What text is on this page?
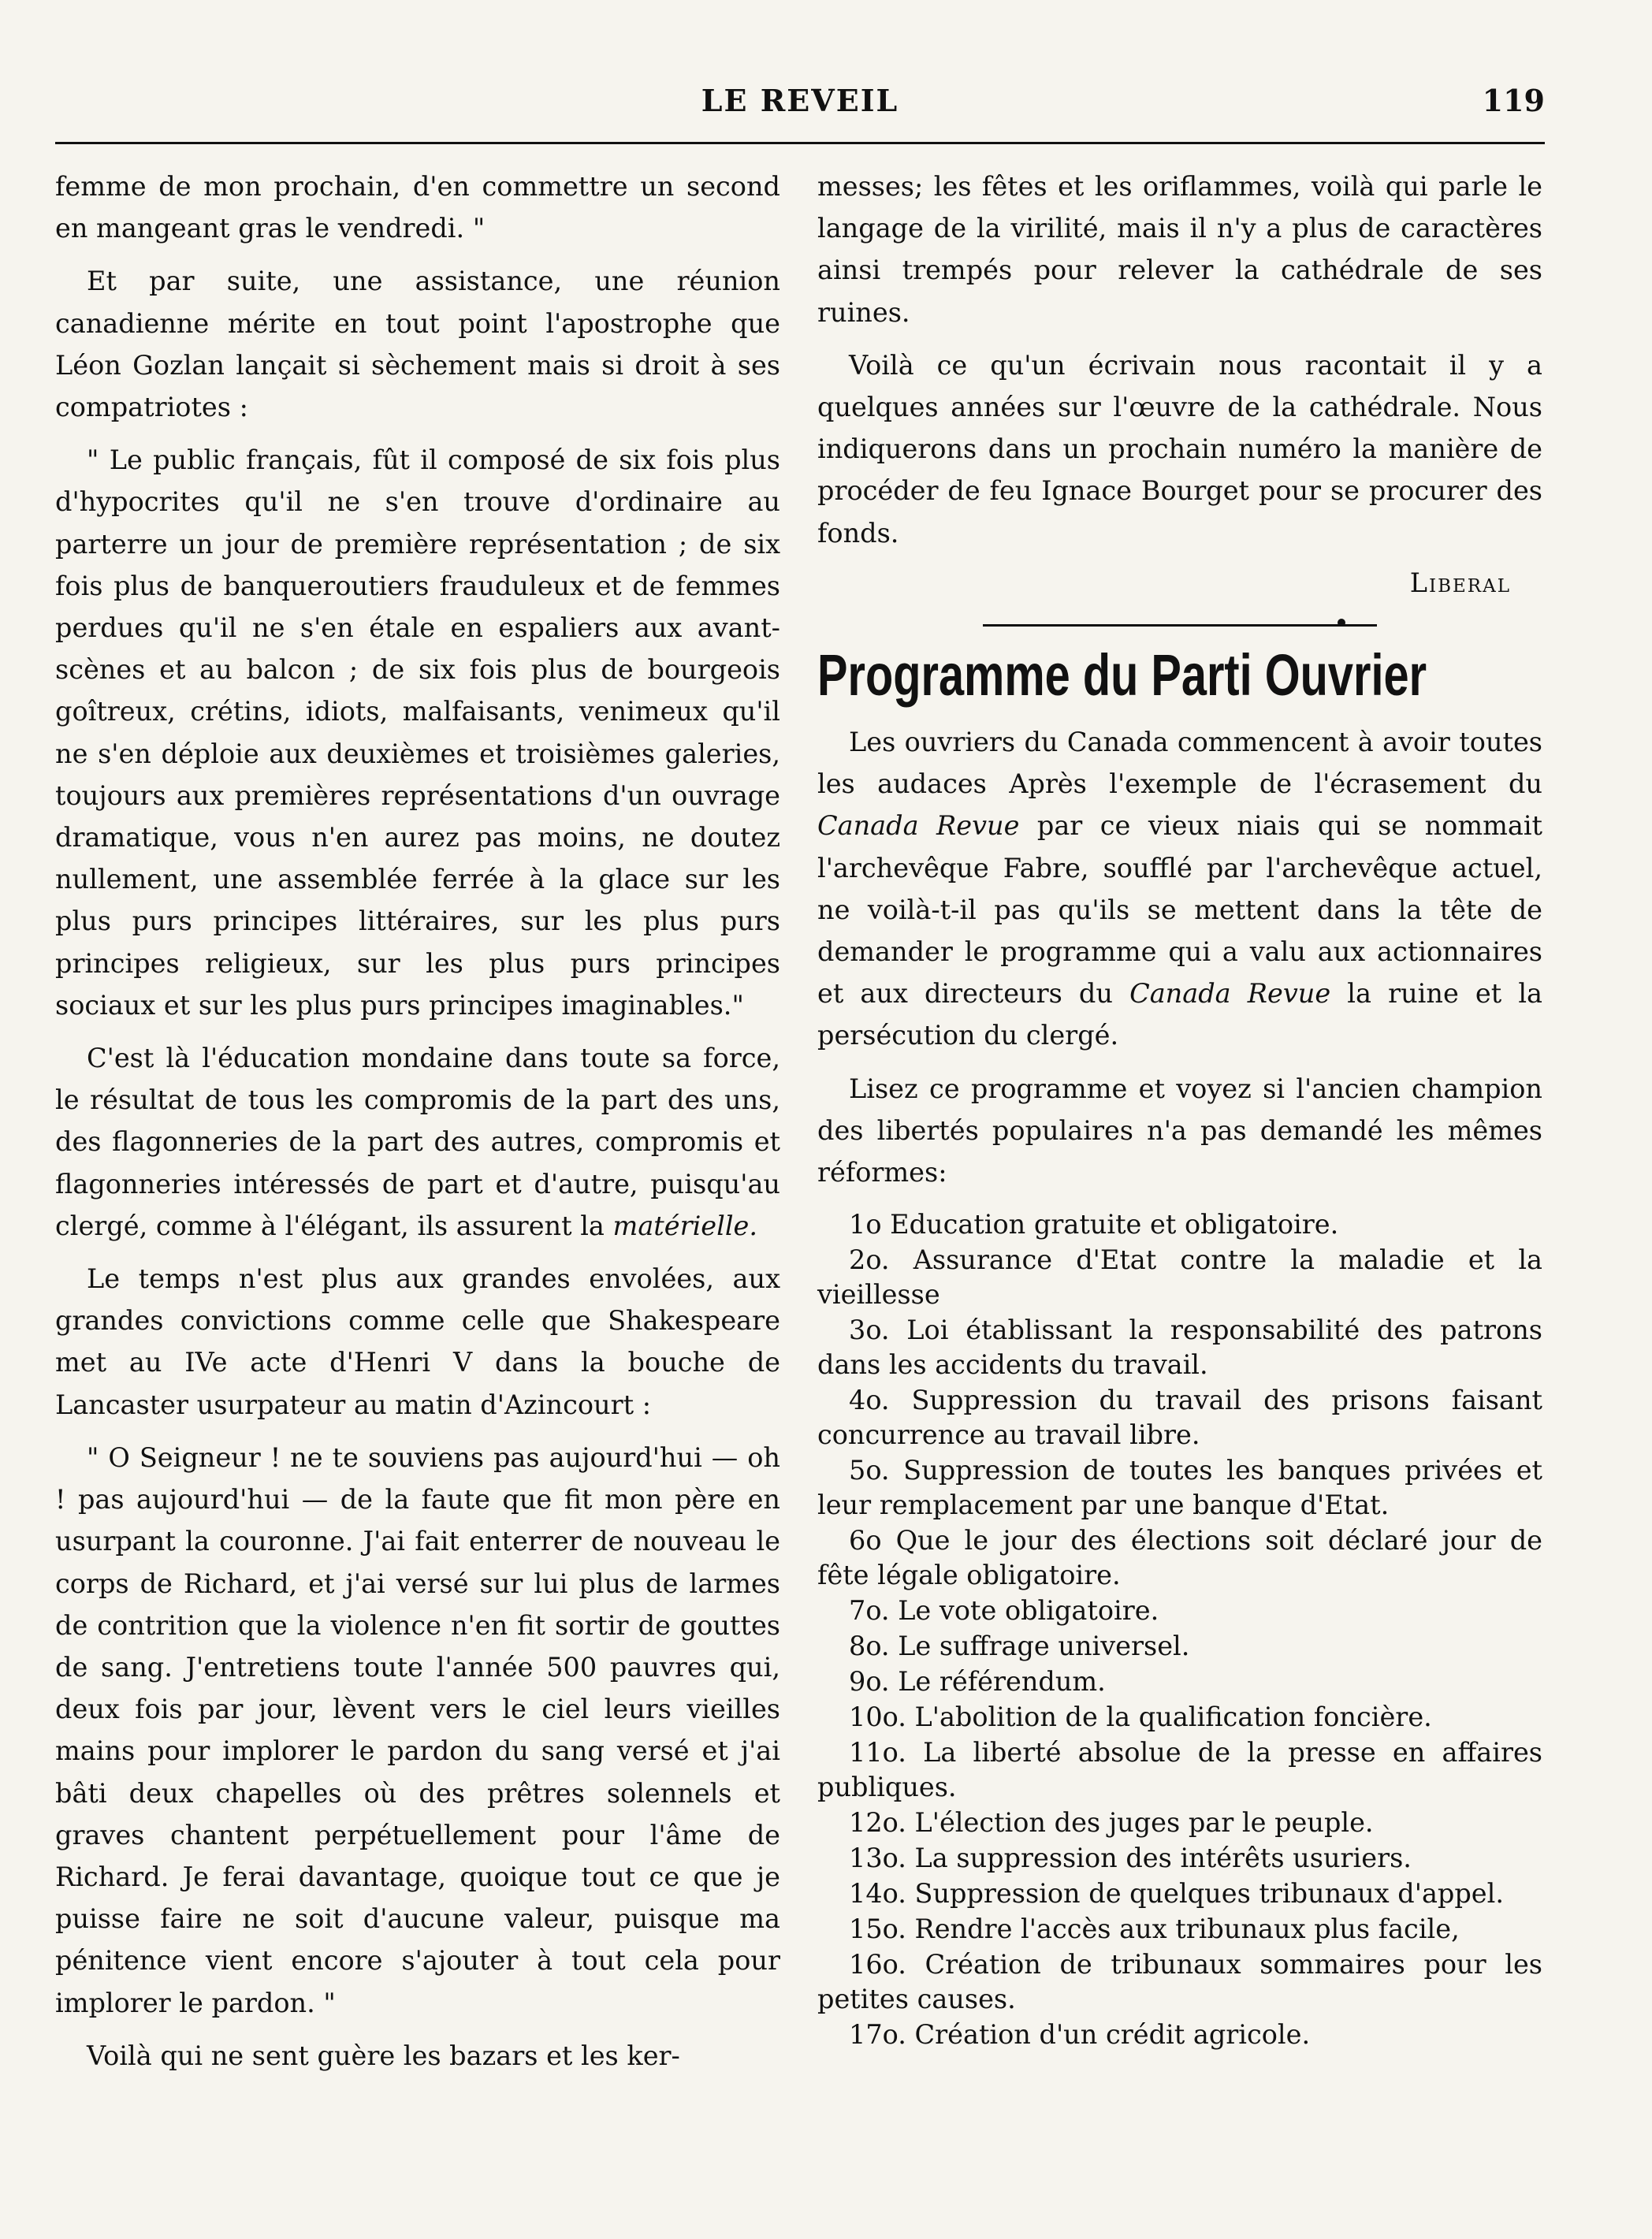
LE REVEIL	119

femme de mon prochain, d'en commettre un second en mangeant gras le vendredi. "

Et par suite, une assistance, une réunion canadienne mérite en tout point l'apostrophe que Léon Gozlan lançait si sèchement mais si droit à ses compatriotes :

" Le public français, fût il composé de six fois plus d'hypocrites qu'il ne s'en trouve d'ordinaire au parterre un jour de première représentation ; de six fois plus de banqueroutiers frauduleux et de femmes perdues qu'il ne s'en étale en espaliers aux avant-scènes et au balcon ; de six fois plus de bourgeois goîtreux, crétins, idiots, malfaisants, venimeux qu'il ne s'en déploie aux deuxièmes et troisièmes galeries, toujours aux premières représentations d'un ouvrage dramatique, vous n'en aurez pas moins, ne doutez nullement, une assemblée ferrée à la glace sur les plus purs principes littéraires, sur les plus purs principes religieux, sur les plus purs principes sociaux et sur les plus purs principes imaginables."

C'est là l'éducation mondaine dans toute sa force, le résultat de tous les compromis de la part des uns, des flagonneries de la part des autres, compromis et flagonneries intéressés de part et d'autre, puisqu'au clergé, comme à l'élégant, ils assurent la matérielle.

Le temps n'est plus aux grandes envolées, aux grandes convictions comme celle que Shakespeare met au IVe acte d'Henri V dans la bouche de Lancaster usurpateur au matin d'Azincourt :

" O Seigneur ! ne te souviens pas aujourd'hui — oh ! pas aujourd'hui — de la faute que fit mon père en usurpant la couronne. J'ai fait enterrer de nouveau le corps de Richard, et j'ai versé sur lui plus de larmes de contrition que la violence n'en fit sortir de gouttes de sang. J'entretiens toute l'année 500 pauvres qui, deux fois par jour, lèvent vers le ciel leurs vieilles mains pour implorer le pardon du sang versé et j'ai bâti deux chapelles où des prêtres solennels et graves chantent perpétuellement pour l'âme de Richard. Je ferai davantage, quoique tout ce que je puisse faire ne soit d'aucune valeur, puisque ma pénitence vient encore s'ajouter à tout cela pour implorer le pardon. "

Voilà qui ne sent guère les bazars et les ker-

messes; les fêtes et les oriflammes, voilà qui parle le langage de la virilité, mais il n'y a plus de caractères ainsi trempés pour relever la cathédrale de ses ruines.

Voilà ce qu'un écrivain nous racontait il y a quelques années sur l'œuvre de la cathédrale. Nous indiquerons dans un prochain numéro la manière de procéder de feu Ignace Bourget pour se procurer des fonds.

Liberal
Programme du Parti Ouvrier

Les ouvriers du Canada commencent à avoir toutes les audaces Après l'exemple de l'écrasement du Canada Revue par ce vieux niais qui se nommait l'archevêque Fabre, soufflé par l'archevêque actuel, ne voilà-t-il pas qu'ils se mettent dans la tête de demander le programme qui a valu aux actionnaires et aux directeurs du Canada Revue la ruine et la persécution du clergé.

Lisez ce programme et voyez si l'ancien champion des libertés populaires n'a pas demandé les mêmes réformes:

1o Education gratuite et obligatoire.
2o. Assurance d'Etat contre la maladie et la vieillesse
3o. Loi établissant la responsabilité des patrons dans les accidents du travail.
4o. Suppression du travail des prisons faisant concurrence au travail libre.
5o. Suppression de toutes les banques privées et leur remplacement par une banque d'Etat.
6o Que le jour des élections soit déclaré jour de fête légale obligatoire.
7o. Le vote obligatoire.
8o. Le suffrage universel.
9o. Le référendum.
10o. L'abolition de la qualification foncière.
11o. La liberté absolue de la presse en affaires publiques.
12o. L'élection des juges par le peuple.
13o. La suppression des intérêts usuriers.
14o. Suppression de quelques tribunaux d'appel.
15o. Rendre l'accès aux tribunaux plus facile,
16o. Création de tribunaux sommaires pour les petites causes.
17o. Création d'un crédit agricole.
